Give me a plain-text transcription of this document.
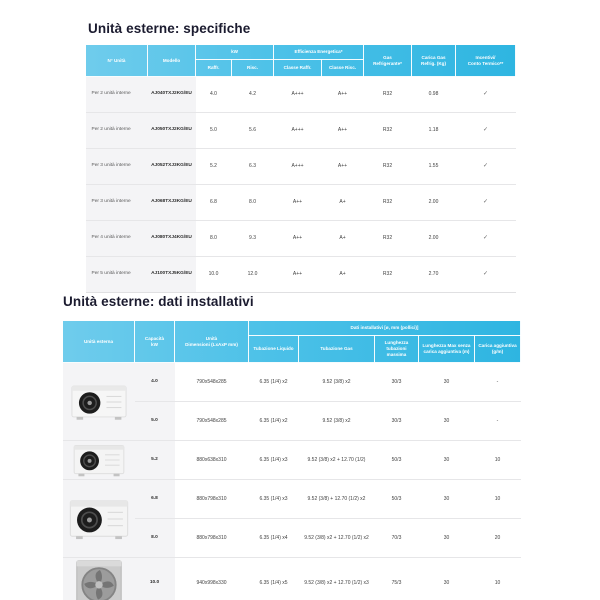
Unità esterne: specifiche
N° Unità	Modello	kW	Efficienza Energetica*	
Gas
Refrigerante*

Carica Gas
Refrig. (Kg)

Incentivi/
Conto Termico**

		Raffr.	Risc.	Classe Raffr.	Classe Risc.			
Per 2 unità interne	AJ040TXJ2KG/EU	4.0	4.2	A+++	A++	R32	0.98	✓
Per 2 unità interne	AJ050TXJ2KG/EU	5.0	5.6	A+++	A++	R32	1.18	✓
Per 3 unità interne	AJ052TXJ3KG/EU	5.2	6.3	A+++	A++	R32	1.55	✓
Per 3 unità interne	AJ068TXJ3KG/EU	6.8	8.0	A++	A+	R32	2.00	✓
Per 4 unità interne	AJ080TXJ4KG/EU	8.0	9.3	A++	A+	R32	2.00	✓
Per 5 unità interne	AJ100TXJ5KG/EU	10.0	12.0	A++	A+	R32	2.70	✓
Unità esterne: dati installativi
Unità esterna	
Capacità
kW

Unità
Dimensioni (LxAxP mm)
	Dati installativi [ø, mm (pollici)]
			Tubazione Liquido	Tubazione Gas	Lunghezza tubazioni massima	Lunghezza Max senza carica aggiuntiva (m)	Carica aggiuntiva (g/m)

	4.0	790x548x285	6.35 (1/4) x2	9.52 (3/8) x2	30/3	30	-
	5.0	790x548x285	6.35 (1/4) x2	9.52 (3/8) x2	30/3	30	-

	5.2	880x638x310	6.35 (1/4) x3	9.52 (3/8) x2 + 12.70 (1/2)	50/3	30	10

	6.8	880x798x310	6.35 (1/4) x3	9.52 (3/8) + 12.70 (1/2) x2	50/3	30	10
	8.0	880x798x310	6.35 (1/4) x4	9.52 (3/8) x2 + 12.70 (1/2) x2	70/3	30	20

	10.0	940x998x330	6.35 (1/4) x5	9.52 (3/8) x2 + 12.70 (1/2) x3	75/3	30	10
